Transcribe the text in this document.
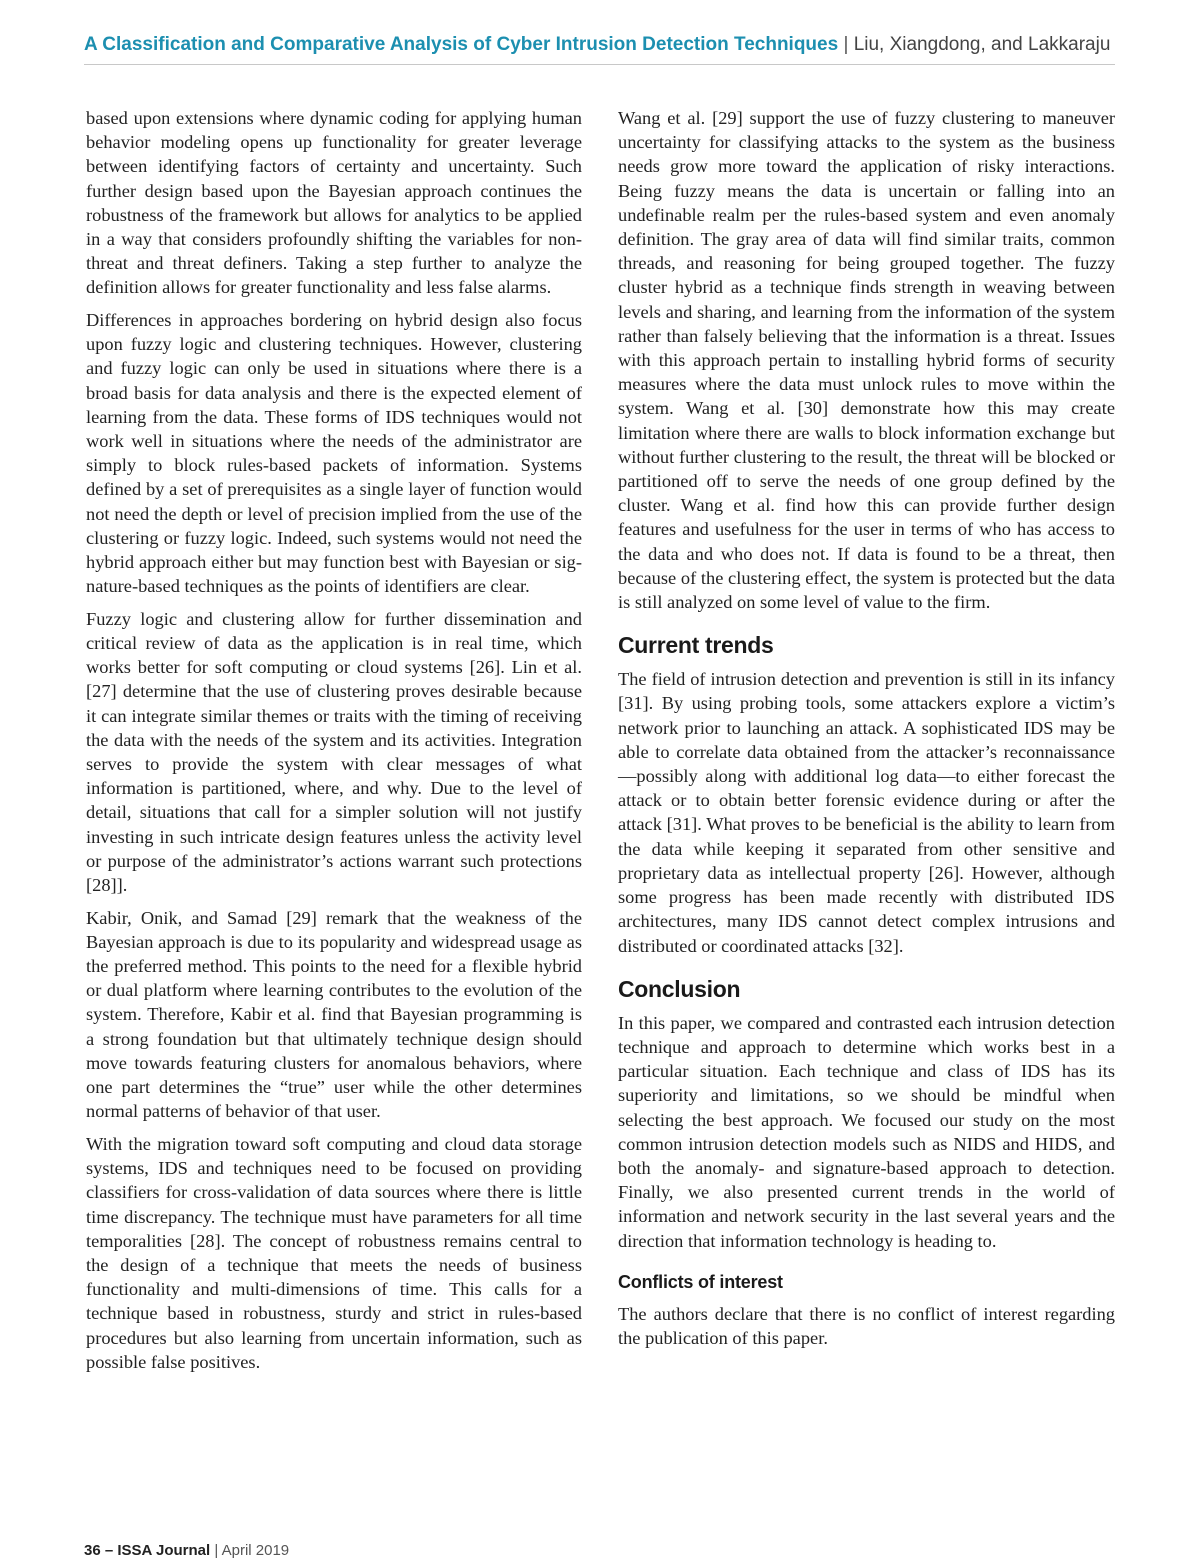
A Classification and Comparative Analysis of Cyber Intrusion Detection Techniques | Liu, Xiangdong, and Lakkaraju

based upon extensions where dynamic coding for applying human behavior modeling opens up functionality for greater leverage between identifying factors of certainty and uncertainty. Such further design based upon the Bayesian approach continues the robustness of the framework but allows for analytics to be applied in a way that considers profoundly shifting the variables for non-threat and threat definers. Taking a step further to analyze the definition allows for greater functionality and less false alarms.

Differences in approaches bordering on hybrid design also focus upon fuzzy logic and clustering techniques. However, clustering and fuzzy logic can only be used in situations where there is a broad basis for data analysis and there is the expected element of learning from the data. These forms of IDS techniques would not work well in situations where the needs of the administrator are simply to block rules-based packets of information. Systems defined by a set of prerequisites as a single layer of function would not need the depth or level of precision implied from the use of the clustering or fuzzy logic. Indeed, such systems would not need the hybrid approach either but may function best with Bayesian or signature-based techniques as the points of identifiers are clear.

Fuzzy logic and clustering allow for further dissemination and critical review of data as the application is in real time, which works better for soft computing or cloud systems [26]. Lin et al. [27] determine that the use of clustering proves desirable because it can integrate similar themes or traits with the timing of receiving the data with the needs of the system and its activities. Integration serves to provide the system with clear messages of what information is partitioned, where, and why. Due to the level of detail, situations that call for a simpler solution will not justify investing in such intricate design features unless the activity level or purpose of the administrator’s actions warrant such protections [28]].

Kabir, Onik, and Samad [29] remark that the weakness of the Bayesian approach is due to its popularity and widespread usage as the preferred method. This points to the need for a flexible hybrid or dual platform where learning contributes to the evolution of the system. Therefore, Kabir et al. find that Bayesian programming is a strong foundation but that ultimately technique design should move towards featuring clusters for anomalous behaviors, where one part determines the “true” user while the other determines normal patterns of behavior of that user.

With the migration toward soft computing and cloud data storage systems, IDS and techniques need to be focused on providing classifiers for cross-validation of data sources where there is little time discrepancy. The technique must have parameters for all time temporalities [28]. The concept of robustness remains central to the design of a technique that meets the needs of business functionality and multi-dimensions of time. This calls for a technique based in robustness, sturdy and strict in rules-based procedures but also learning from uncertain information, such as possible false positives.

Wang et al. [29] support the use of fuzzy clustering to maneuver uncertainty for classifying attacks to the system as the business needs grow more toward the application of risky interactions. Being fuzzy means the data is uncertain or falling into an undefinable realm per the rules-based system and even anomaly definition. The gray area of data will find similar traits, common threads, and reasoning for being grouped together. The fuzzy cluster hybrid as a technique finds strength in weaving between levels and sharing, and learning from the information of the system rather than falsely believing that the information is a threat. Issues with this approach pertain to installing hybrid forms of security measures where the data must unlock rules to move within the system. Wang et al. [30] demonstrate how this may create limitation where there are walls to block information exchange but without further clustering to the result, the threat will be blocked or partitioned off to serve the needs of one group defined by the cluster. Wang et al. find how this can provide further design features and usefulness for the user in terms of who has access to the data and who does not. If data is found to be a threat, then because of the clustering effect, the system is protected but the data is still analyzed on some level of value to the firm.

Current trends

The field of intrusion detection and prevention is still in its infancy [31]. By using probing tools, some attackers explore a victim’s network prior to launching an attack. A sophisticated IDS may be able to correlate data obtained from the attacker’s reconnaissance—possibly along with additional log data—to either forecast the attack or to obtain better forensic evidence during or after the attack [31]. What proves to be beneficial is the ability to learn from the data while keeping it separated from other sensitive and proprietary data as intellectual property [26]. However, although some progress has been made recently with distributed IDS architectures, many IDS cannot detect complex intrusions and distributed or coordinated attacks [32].

Conclusion

In this paper, we compared and contrasted each intrusion detection technique and approach to determine which works best in a particular situation. Each technique and class of IDS has its superiority and limitations, so we should be mindful when selecting the best approach. We focused our study on the most common intrusion detection models such as NIDS and HIDS, and both the anomaly- and signature-based approach to detection. Finally, we also presented current trends in the world of information and network security in the last several years and the direction that information technology is heading to.

Conflicts of interest

The authors declare that there is no conflict of interest regarding the publication of this paper.

36 – ISSA Journal | April 2019
